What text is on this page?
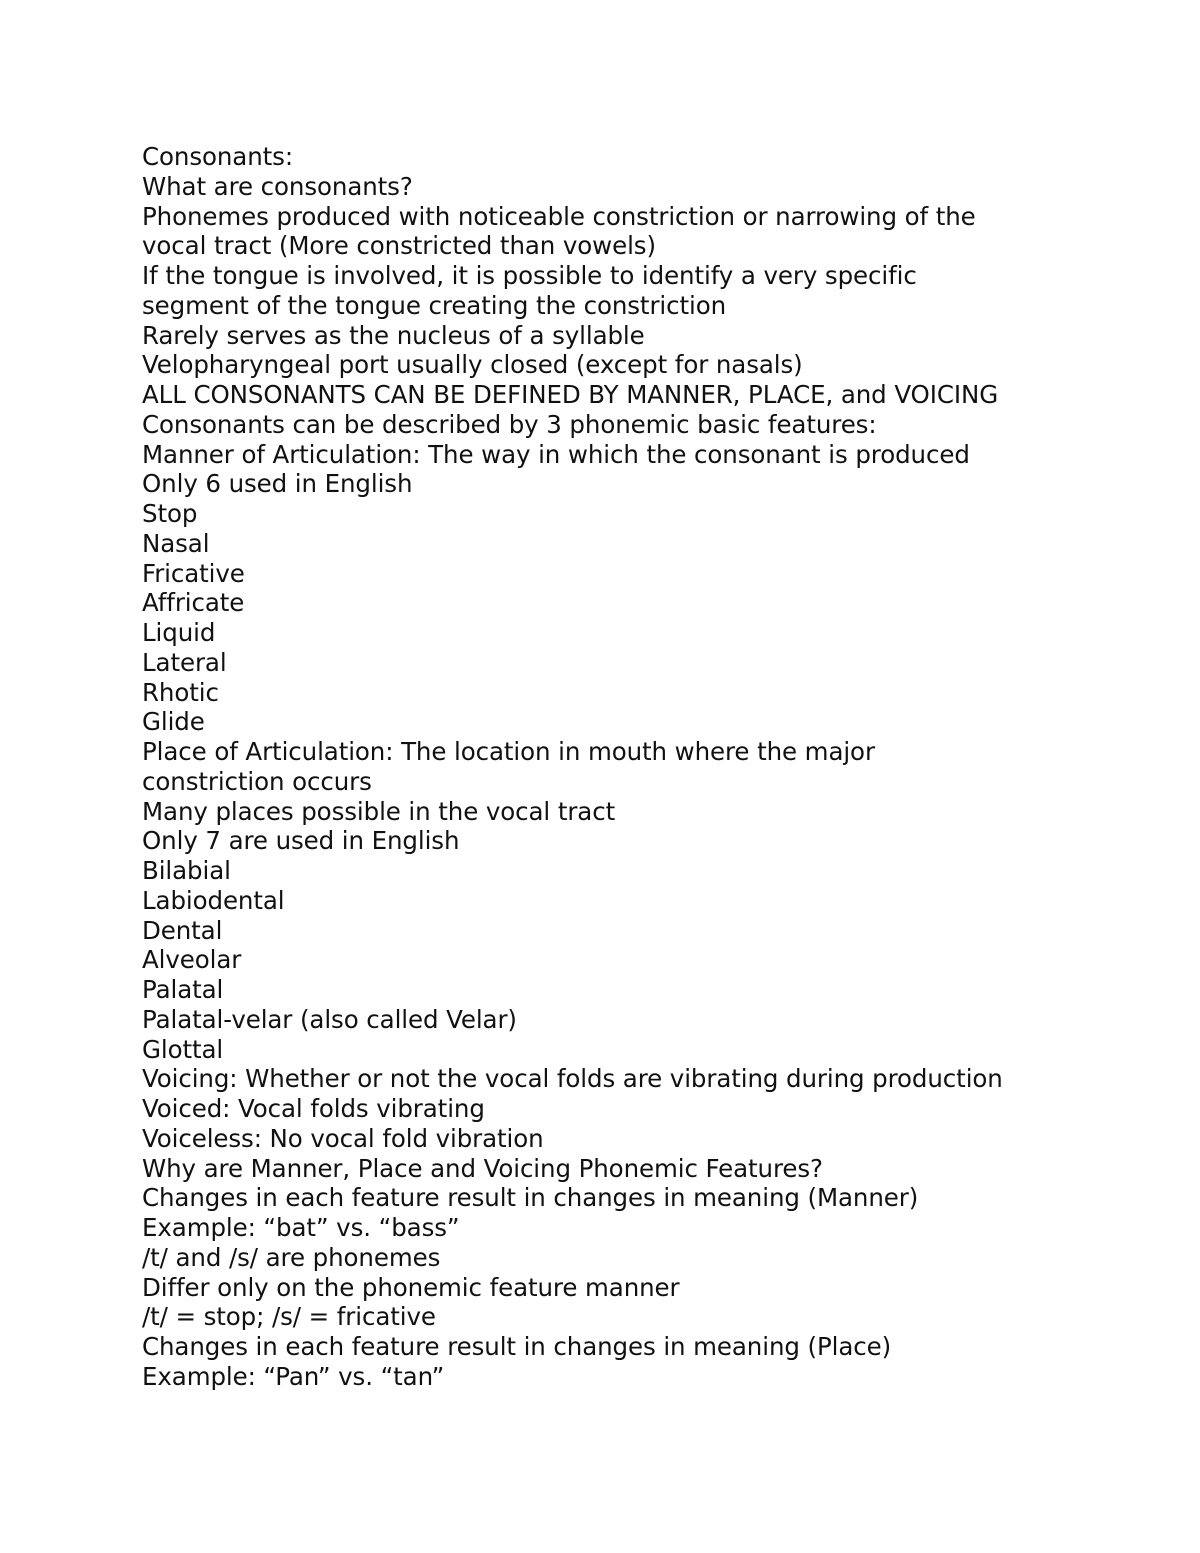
Consonants:
What are consonants?
Phonemes produced with noticeable constriction or narrowing of the
vocal tract (More constricted than vowels)
If the tongue is involved, it is possible to identify a very specific
segment of the tongue creating the constriction
Rarely serves as the nucleus of a syllable
Velopharyngeal port usually closed (except for nasals)
ALL CONSONANTS CAN BE DEFINED BY MANNER, PLACE, and VOICING
Consonants can be described by 3 phonemic basic features:
Manner of Articulation: The way in which the consonant is produced
Only 6 used in English
Stop
Nasal
Fricative
Affricate
Liquid
Lateral
Rhotic
Glide
Place of Articulation: The location in mouth where the major
constriction occurs
Many places possible in the vocal tract
Only 7 are used in English
Bilabial
Labiodental
Dental
Alveolar
Palatal
Palatal-velar (also called Velar)
Glottal
Voicing: Whether or not the vocal folds are vibrating during production
Voiced: Vocal folds vibrating
Voiceless: No vocal fold vibration
Why are Manner, Place and Voicing Phonemic Features?
Changes in each feature result in changes in meaning (Manner)
Example: “bat” vs. “bass”
/t/ and /s/ are phonemes
Differ only on the phonemic feature manner
/t/ = stop; /s/ = fricative
Changes in each feature result in changes in meaning (Place)
Example: “Pan” vs. “tan”
